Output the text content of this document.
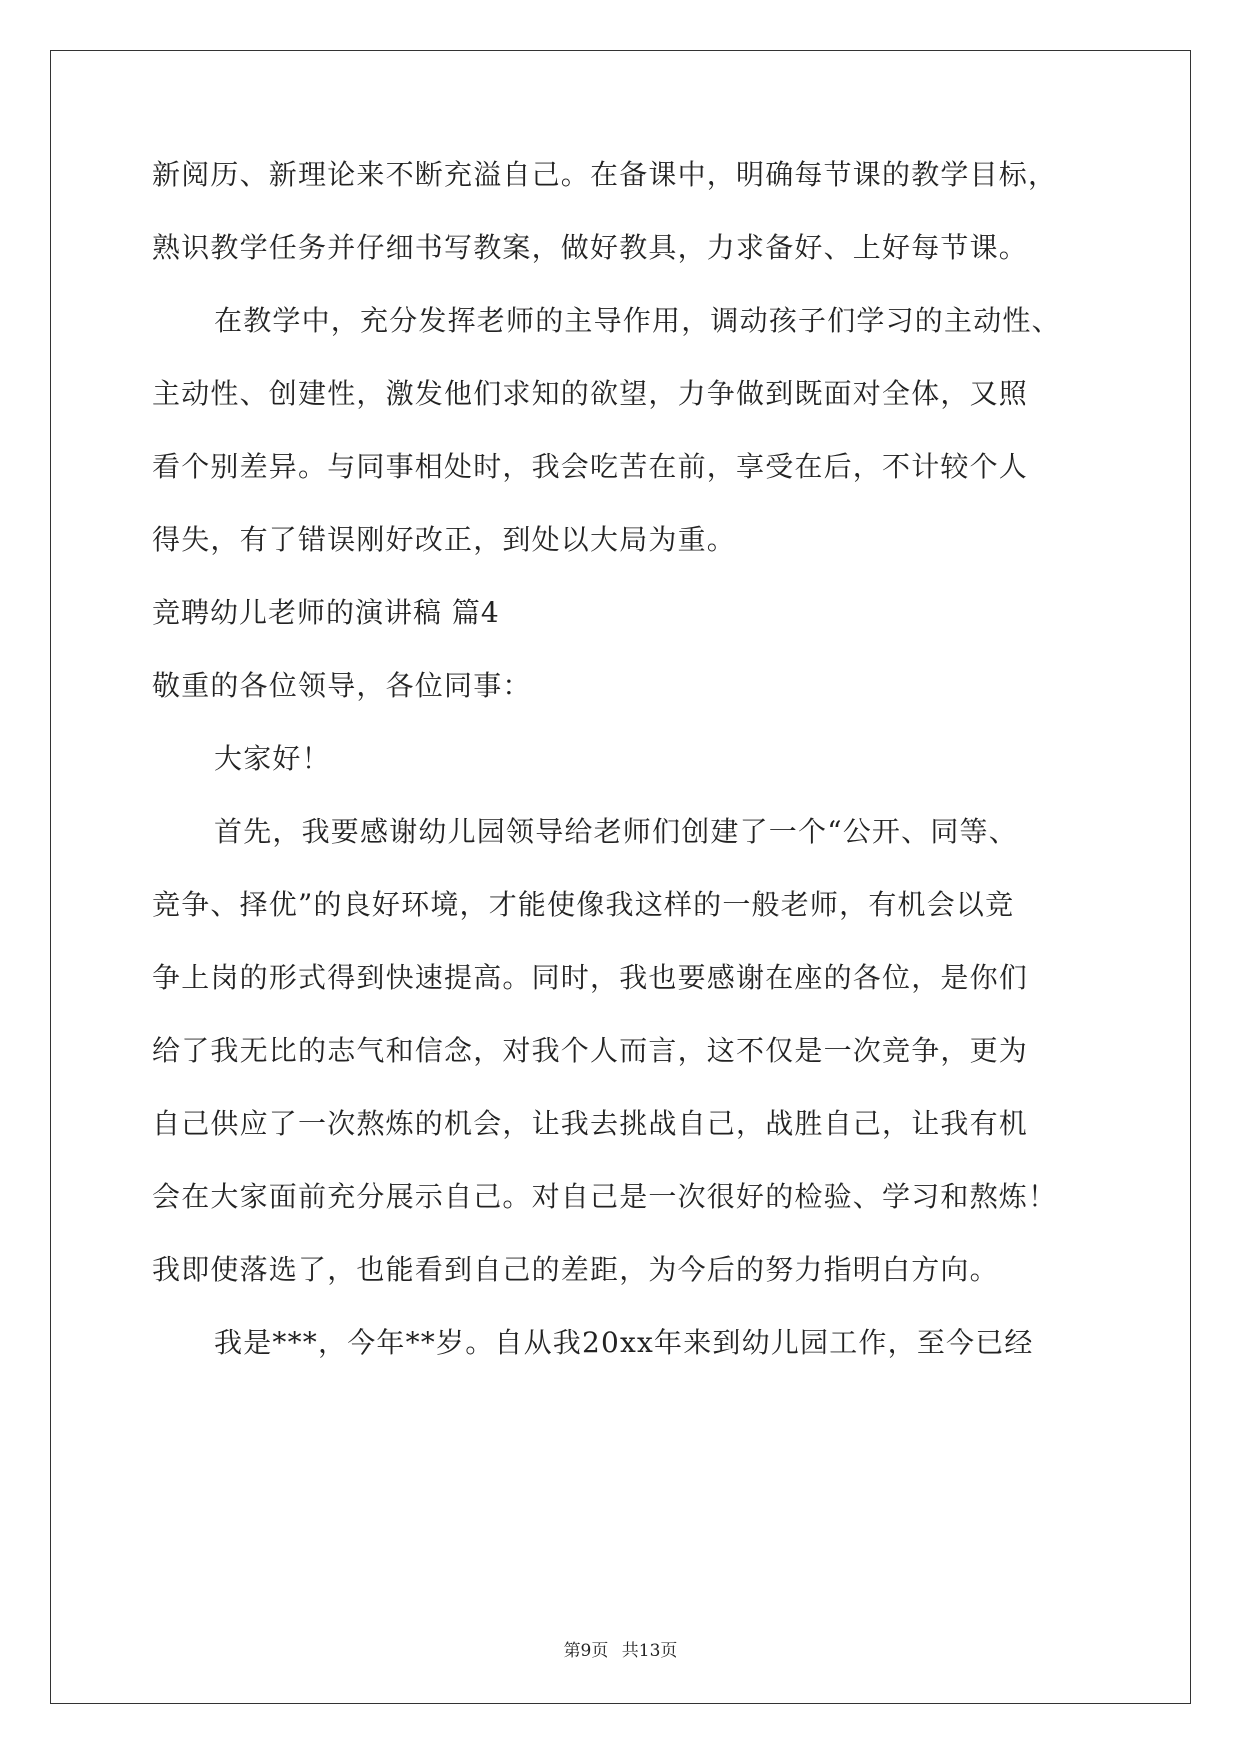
新阅历、新理论来不断充溢自己。在备课中，明确每节课的教学目标，
熟识教学任务并仔细书写教案，做好教具，力求备好、上好每节课。
在教学中，充分发挥老师的主导作用，调动孩子们学习的主动性、
主动性、创建性，激发他们求知的欲望，力争做到既面对全体，又照
看个别差异。与同事相处时，我会吃苦在前，享受在后，不计较个人
得失，有了错误刚好改正，到处以大局为重。
竞聘幼儿老师的演讲稿 篇4
敬重的各位领导，各位同事：
大家好！
首先，我要感谢幼儿园领导给老师们创建了一个“公开、同等、
竞争、择优”的良好环境，才能使像我这样的一般老师，有机会以竞
争上岗的形式得到快速提高。同时，我也要感谢在座的各位，是你们
给了我无比的志气和信念，对我个人而言，这不仅是一次竞争，更为
自己供应了一次熬炼的机会，让我去挑战自己，战胜自己，让我有机
会在大家面前充分展示自己。对自己是一次很好的检验、学习和熬炼！
我即使落选了，也能看到自己的差距，为今后的努力指明白方向。
我是***，今年**岁。自从我20xx年来到幼儿园工作，至今已经
第9页 共13页
